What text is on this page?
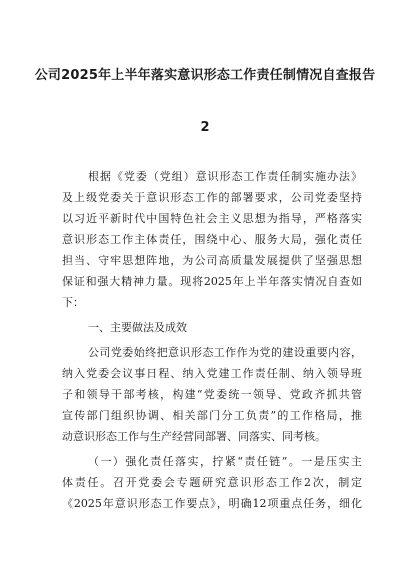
公司2025年上半年落实意识形态工作责任制情况自查报告
2
根据《党委（党组）意识形态工作责任制实施办法》
及上级党委关于意识形态工作的部署要求，公司党委坚持
以习近平新时代中国特色社会主义思想为指导，严格落实
意识形态工作主体责任，围绕中心、服务大局，强化责任
担当、守牢思想阵地，为公司高质量发展提供了坚强思想
保证和强大精神力量。现将2025年上半年落实情况自查如
下：
一、主要做法及成效
公司党委始终把意识形态工作作为党的建设重要内容，
纳入党委会议事日程、纳入党建工作责任制、纳入领导班
子和领导干部考核，构建“党委统一领导、党政齐抓共管
宣传部门组织协调、相关部门分工负责”的工作格局，推
动意识形态工作与生产经营同部署、同落实、同考核。
（一）强化责任落实，拧紧“责任链”。一是压实主
体责任。召开党委会专题研究意识形态工作2次，制定
《2025年意识形态工作要点》，明确12项重点任务，细化
